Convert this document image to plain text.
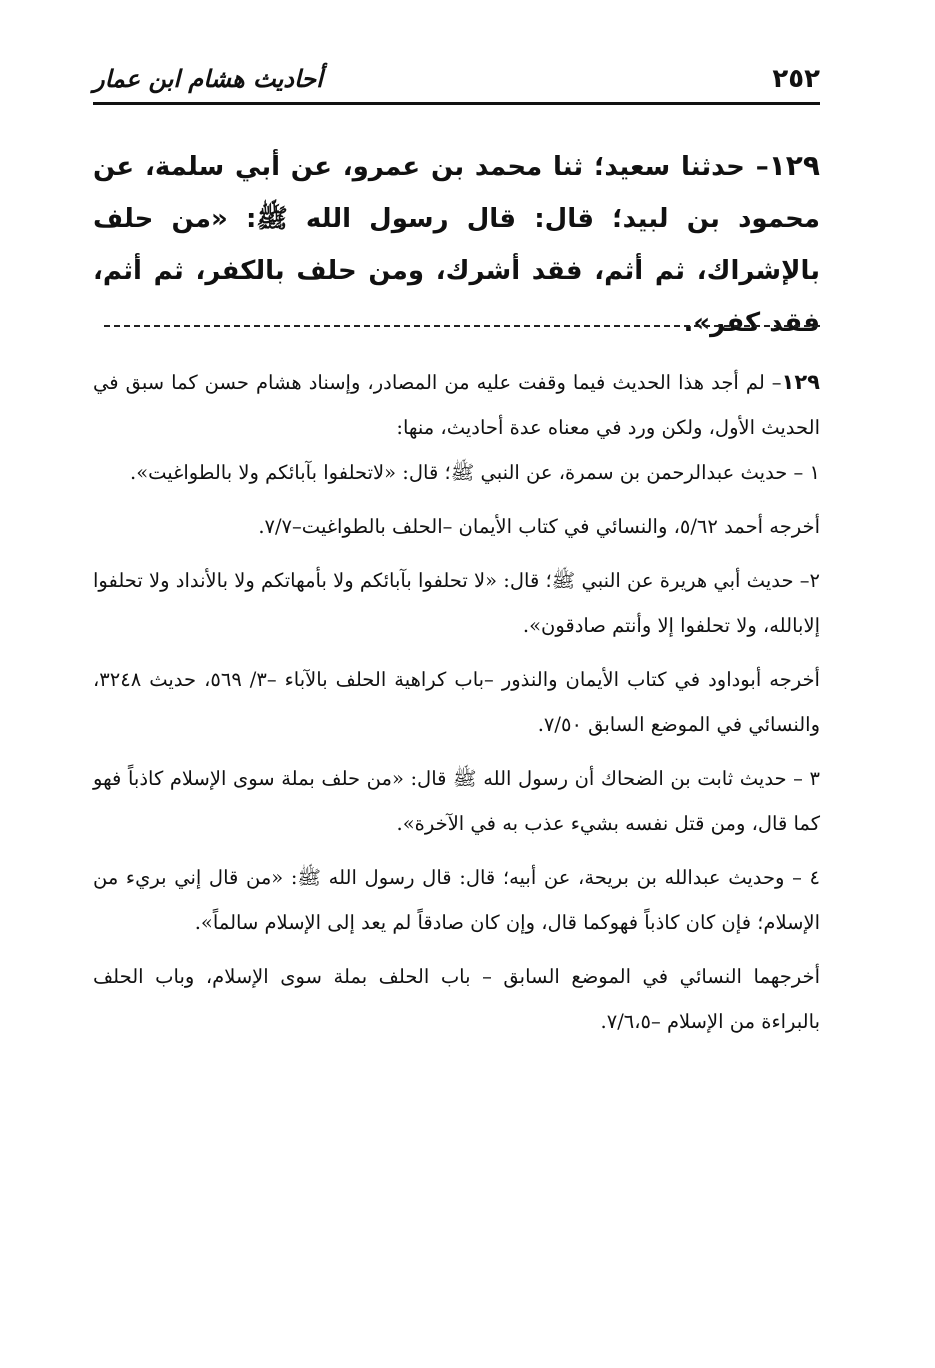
٢٥٢
أحاديث هشام ابن عمار

١٢٩– حدثنا سعيد؛ ثنا محمد بن عمرو، عن أبي سلمة، عن محمود بن لبيد؛ قال: قال رسول الله ﷺ: «من حلف بالإشراك، ثم أثم، فقد أشرك، ومن حلف بالكفر، ثم أثم، فقد كفر».

١٢٩– لم أجد هذا الحديث فيما وقفت عليه من المصادر، وإسناد هشام حسن كما سبق في الحديث الأول، ولكن ورد في معناه عدة أحاديث، منها:

١ – حديث عبدالرحمن بن سمرة، عن النبي ﷺ؛ قال: «لاتحلفوا بآبائكم ولا بالطواغيت».

أخرجه أحمد ٥/٦٢، والنسائي في كتاب الأيمان –الحلف بالطواغيت–٧/٧.

٢– حديث أبي هريرة عن النبي ﷺ؛ قال: «لا تحلفوا بآبائكم ولا بأمهاتكم ولا بالأنداد ولا تحلفوا إلابالله، ولا تحلفوا إلا وأنتم صادقون».

أخرجه أبوداود في كتاب الأيمان والنذور –باب كراهية الحلف بالآباء –٣/ ٥٦٩، حديث ٣٢٤٨، والنسائي في الموضع السابق ٧/٥٠.

٣ – حديث ثابت بن الضحاك أن رسول الله ﷺ قال: «من حلف بملة سوى الإسلام كاذباً فهو كما قال، ومن قتل نفسه بشيء عذب به في الآخرة».

٤ – وحديث عبدالله بن بريحة، عن أبيه؛ قال: قال رسول الله ﷺ: «من قال إني بريء من الإسلام؛ فإن كان كاذباً فهوكما قال، وإن كان صادقاً لم يعد إلى الإسلام سالماً».

أخرجهما النسائي في الموضع السابق – باب الحلف بملة سوى الإسلام، وباب الحلف بالبراءة من الإسلام –٧/٦،٥.
